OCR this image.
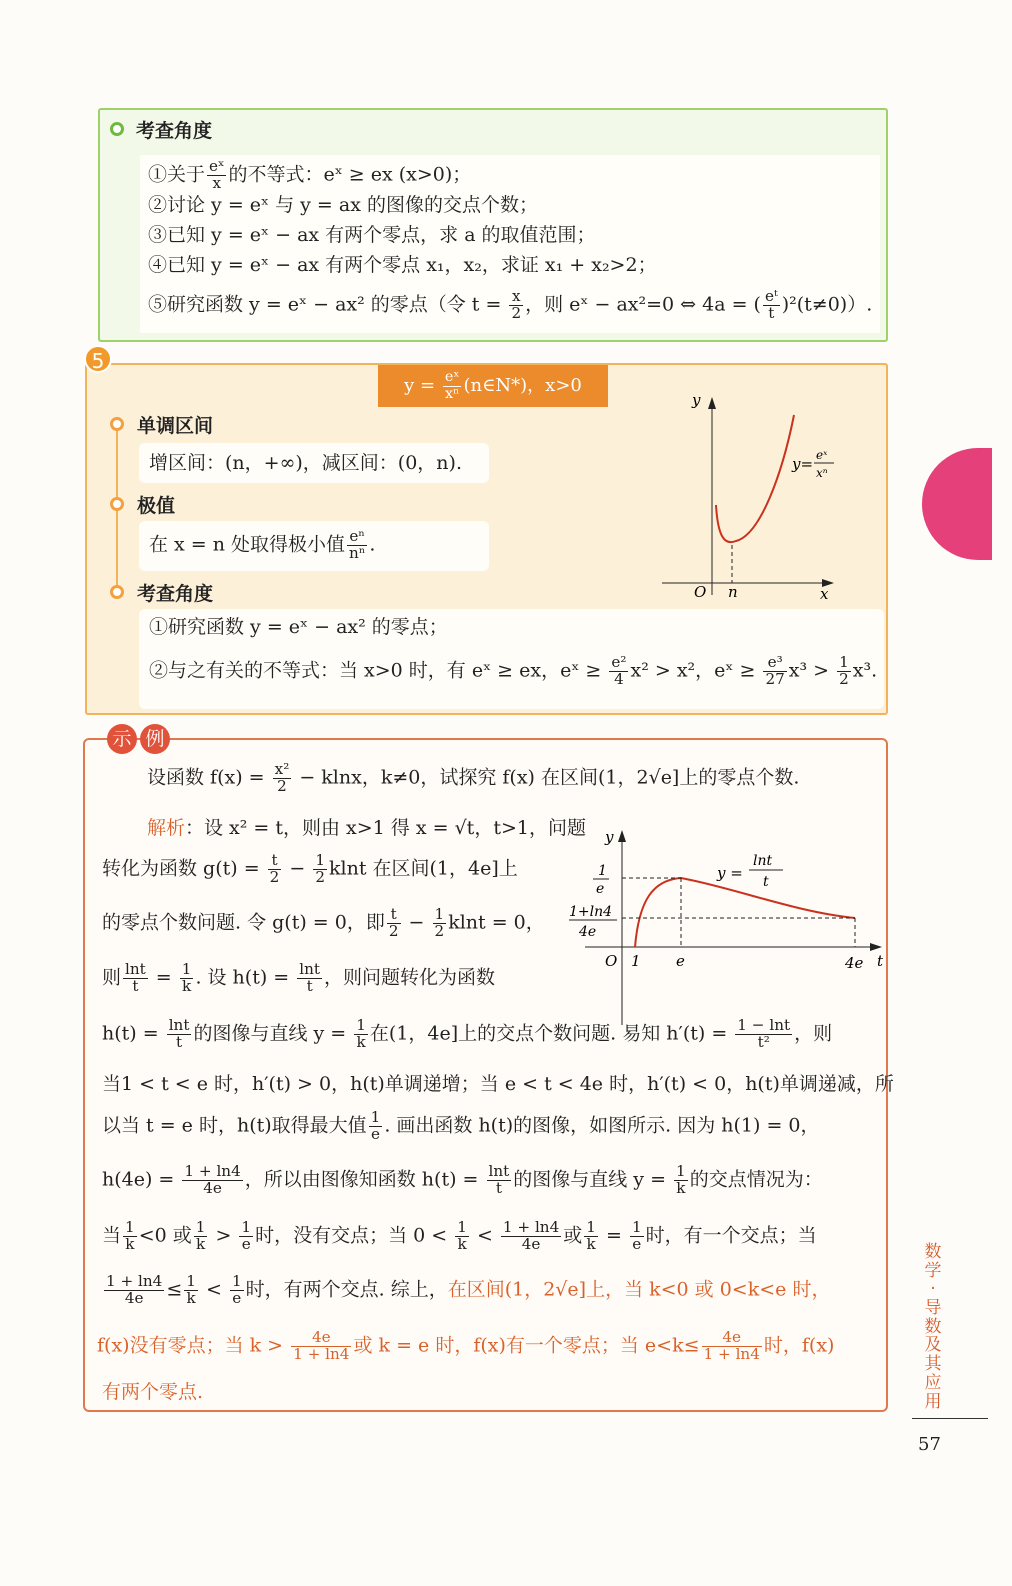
考查角度
①关于 $\frac{\text{eˣ}}{x}$ 的不等式：eˣ ≥ ex (x>0)；
②讨论 y = eˣ 与 y = ax 的图像的交点个数；
③已知 y = eˣ − ax 有两个零点，求 a 的取值范围；
④已知 y = eˣ − ax 有两个零点 x₁，x₂，求证 x₁ + x₂>2；
⑤研究函数 y = eˣ − ax² 的零点（令 $t = \frac{x}{2}$ ，则 eˣ − ax²=0 ⇔ 4a = ( $\frac{\text{eᵗ}}{t} )^2(t\ne 0)$）.
单调区间
增区间：(n，+∞)，减区间：(0，n).
极值
在 x = n 处取得极小值 $\frac{\text{eⁿ}}{\text{nⁿ}}$ .
考查角度
①研究函数 y = eˣ − ax² 的零点；
②与之有关的不等式：当 x>0 时，有 eˣ ≥ ex，eˣ ≥ $\frac{\text{e²}}{4} x^2 > x^2$，eˣ ≥ $\frac{\text{e³}}{27} x^3 > \frac{1}{2} x^3$.
y
x
O n
y= eˣ
xⁿ
5
$y = \frac{\text{eˣ}}{\text{xⁿ}}$ (n∈N*)，x>0
示 例
设函数 $f(x) = \frac{\text{x²}}{2} - klnx$，k≠0，试探究 f(x) 在区间(1，2√e]上的零点个数.
解析：设 x² = t，则由 x>1 得 x = √t，t>1，问题
转化为函数 $g(t) = \frac{t}{2} - \frac{1}{2}$ klnt 在区间(1，4e]上
的零点个数问题. 令 g(t) = 0，即 $\frac{t}{2} - \frac{1}{2}$ klnt = 0，
则 $\frac{\ln t}{t} = \frac{1}{k}$ . 设 $h(t) = \frac{\ln t}{t}$ ，则问题转化为函数
$h(t) = \frac{\ln t}{t}$ 的图像与直线 $y = \frac{1}{k}$ 在(1，4e]上的交点个数问题. 易知 $h'(t) = \frac{1 - \ln t}{\text{t²}}$ ，则
当1 < t < e 时，h′(t) > 0，h(t)单调递增；当 e < t < 4e 时，h′(t) < 0，h(t)单调递减，所
以当 t = e 时，h(t)取得最大值 $\frac{1}{e}$ . 画出函数 h(t)的图像，如图所示. 因为 h(1) = 0，
$h(4e) = \frac{1 + \ln 4}{4e}$ ，所以由图像知函数 $h(t) = \frac{\ln t}{t}$ 的图像与直线 $y = \frac{1}{k}$ 的交点情况为：
当 $\frac{1}{k} <0$ 或 $\frac{1}{k} > \frac{1}{e}$ 时，没有交点；当 $0 < \frac{1}{k} < \frac{1 + \ln 4}{4e}$ 或 $\frac{1}{k} = \frac{1}{e}$ 时，有一个交点；当
$\frac{1 + \ln 4}{4e} \le \frac{1}{k} < \frac{1}{e}$ 时，有两个交点. 综上，在区间(1，2√e]上，当 k<0 或 0<k<e 时，
f(x)没有零点；当 $k > \frac{4e}{1 + \ln 4}$ 或 k = e 时，f(x)有一个零点；当 $e<k\le \frac{4e}{1 + \ln 4}$ 时，f(x)
有两个零点.
y
t
O 1 e	4e
1
e
1+ln4
4e
y =
lnt
t
数学·导数及其应用
57
